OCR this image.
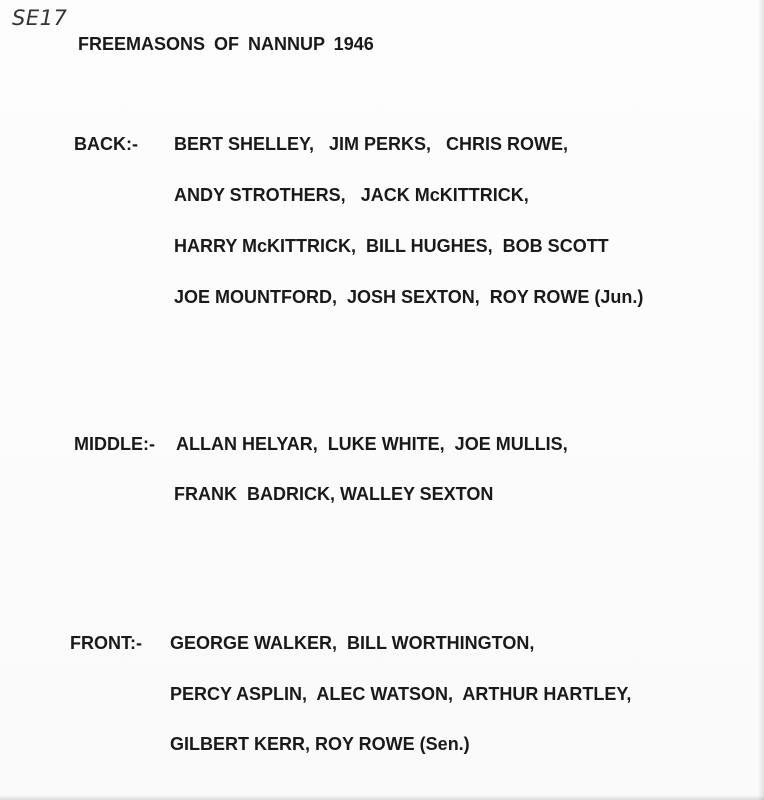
SE17
FREEMASONS OF NANNUP 1946
BACK:- BERT SHELLEY,   JIM PERKS,   CHRIS ROWE,
ANDY STROTHERS,   JACK McKITTRICK,
HARRY McKITTRICK,  BILL HUGHES,  BOB SCOTT
JOE MOUNTFORD,  JOSH SEXTON,  ROY ROWE (Jun.)
MIDDLE:- ALLAN HELYAR,  LUKE WHITE,  JOE MULLIS,
FRANK  BADRICK, WALLEY SEXTON
FRONT:- GEORGE WALKER,  BILL WORTHINGTON,
PERCY ASPLIN,  ALEC WATSON,  ARTHUR HARTLEY,
GILBERT KERR, ROY ROWE (Sen.)
